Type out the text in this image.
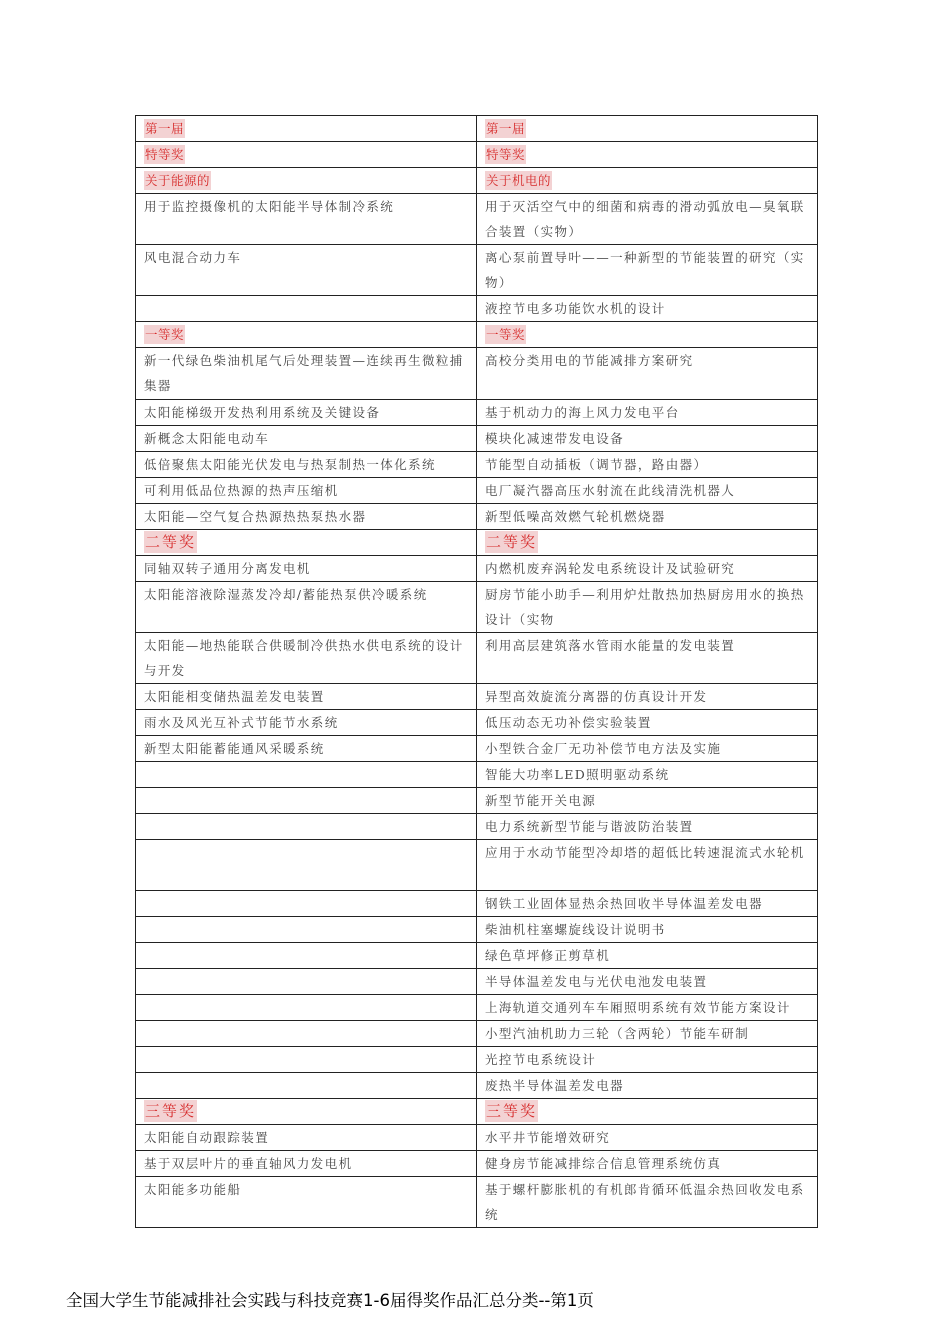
第一届	第一届
特等奖	特等奖
关于能源的	关于机电的
用于监控摄像机的太阳能半导体制冷系统	用于灭活空气中的细菌和病毒的滑动弧放电—臭氧联合装置（实物）
风电混合动力车	离心泵前置导叶——一种新型的节能装置的研究（实物）
	液控节电多功能饮水机的设计
一等奖	一等奖
新一代绿色柴油机尾气后处理装置—连续再生微粒捕集器	高校分类用电的节能减排方案研究
太阳能梯级开发热利用系统及关键设备	基于机动力的海上风力发电平台
新概念太阳能电动车	模块化减速带发电设备
低倍聚焦太阳能光伏发电与热泵制热一体化系统	节能型自动插板（调节器，路由器）
可利用低品位热源的热声压缩机	电厂凝汽器高压水射流在此线清洗机器人
太阳能—空气复合热源热热泵热水器	新型低噪高效燃气轮机燃烧器
二等奖	二等奖
同轴双转子通用分离发电机	内燃机废弃涡轮发电系统设计及试验研究
太阳能溶液除湿蒸发冷却/蓄能热泵供冷暖系统	厨房节能小助手—利用炉灶散热加热厨房用水的换热设计（实物
太阳能—地热能联合供暖制冷供热水供电系统的设计与开发	利用高层建筑落水管雨水能量的发电装置
太阳能相变储热温差发电装置	异型高效旋流分离器的仿真设计开发
雨水及风光互补式节能节水系统	低压动态无功补偿实验装置
新型太阳能蓄能通风采暖系统	小型铁合金厂无功补偿节电方法及实施
	智能大功率LED照明驱动系统
	新型节能开关电源
	电力系统新型节能与谐波防治装置
	应用于水动节能型冷却塔的超低比转速混流式水轮机
	钢铁工业固体显热余热回收半导体温差发电器
	柴油机柱塞螺旋线设计说明书
	绿色草坪修正剪草机
	半导体温差发电与光伏电池发电装置
	上海轨道交通列车车厢照明系统有效节能方案设计
	小型汽油机助力三轮（含两轮）节能车研制
	光控节电系统设计
	废热半导体温差发电器
三等奖	三等奖
太阳能自动跟踪装置	水平井节能增效研究
基于双层叶片的垂直轴风力发电机	健身房节能减排综合信息管理系统仿真
太阳能多功能船	基于螺杆膨胀机的有机郎肯循环低温余热回收发电系统
全国大学生节能减排社会实践与科技竞赛1-6届得奖作品汇总分类--第1页
